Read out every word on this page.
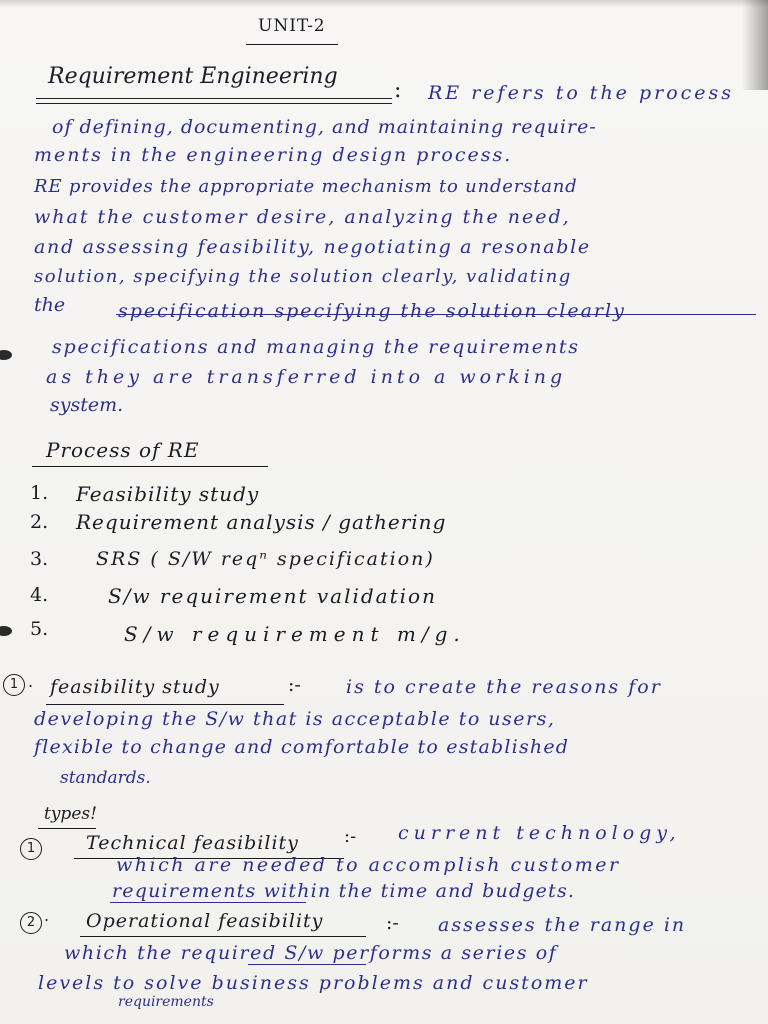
UNIT-2
Requirement Engineering
: RE refers to the process
of defining, documenting, and maintaining require-
ments in the engineering design process.
RE provides the appropriate mechanism to understand
what the customer desire, analyzing the need,
and assessing feasibility, negotiating a resonable
solution, specifying the solution clearly, validating
the	specification specifying the solution clearly
specifications and managing the requirements
as they are transferred into a working
system.
Process of RE
1. Feasibility study
2. Requirement analysis / gathering
3.	SRS ( S/W reqⁿ specification)
4.	S/w requirement validation
5.	S/w requirement m/g.
1 . feasibility study	:- is to create the reasons for
developing the S/w that is acceptable to users,
flexible to change and comfortable to established
standards.
types!
1	Technical feasibility	:- current technology,
which are needed to accomplish customer
requirements within the time and budgets.
2 . Operational feasibility	:- assesses the range in
which the required S/w performs a series of
levels to solve business problems and customer
requirements
